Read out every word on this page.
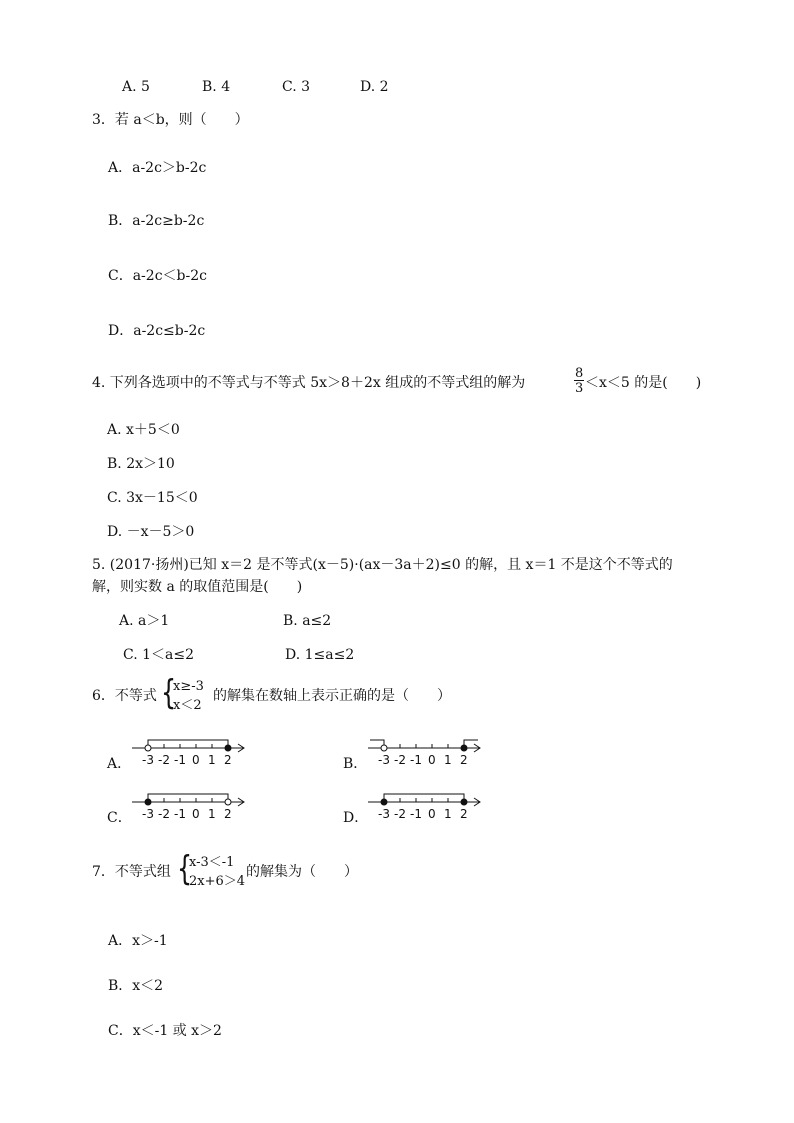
A. 5	B. 4	C. 3	D. 2
3．若 a＜b，则（　　）
A．a-2c＞b-2c
B．a-2c≥b-2c
C．a-2c＜b-2c
D．a-2c≤b-2c
4. 下列各选项中的不等式与不等式 5x＞8＋2x 组成的不等式组的解为	$\frac{8}{3} <x<5$ 的是(　　)
A. x＋5＜0
B. 2x＞10
C. 3x－15＜0
D. －x－5＞0
5. (2017·扬州)已知 x＝2 是不等式(x－5)·(ax－3a＋2)≤0 的解，且 x＝1 不是这个不等式的
解，则实数 a 的取值范围是(　　)
A. a＞1	B. a≤2
C. 1＜a≤2	D. 1≤a≤2
6．不等式 {
x≥-3
x＜2
的解集在数轴上表示正确的是（　　）
A．	B．
C．	D．
-3 -2 -1 0 1 2	-3 -2 -1 0 1 2
-3 -2 -1 0 1 2	-3 -2 -1 0 1 2
7．不等式组 {
x-3＜-1
2x+6＞4
的解集为（　　）
A．x＞-1
B．x＜2
C．x＜-1 或 x＞2
